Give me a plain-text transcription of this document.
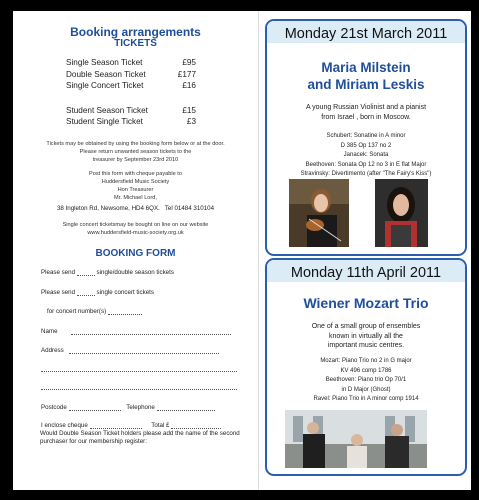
Booking arrangements
TICKETS
Single Season Ticket	£95
Double Season Ticket	£177
Single Concert Ticket	£16
Student Season Ticket	£15
Student Single Ticket	£3
Tickets may be obtained by using the booking form below or at the door.
Please return unwanted season tickets to the
treasurer by September 23rd 2010
Post this form with cheque payable to
Huddersfield Music Society
Hon Treasurer
Mr. Michael Lord,
38 Ingleton Rd, Newsome, HD4 6QX. Tel 01484 310104
Single concert ticketsmay be bought on line on our website
www.huddersfield-music-society.org.uk
BOOKING FORM
Please send	single/double season tickets
Please send	single concert tickets
for concert number(s)
Name
Address
Postcode	Telephone
I enclose cheque	Total £
Would Double Season Ticket holders please add the name of the second purchaser for our membership register:
Monday 21st March 2011
Maria Milstein
and Miriam Leskis
A young Russian Violinist and a pianist
from Israel , born in Moscow.
Schubert: Sonatine in A minor
D 385 Op 137 no 2
Janacek: Sonata
Beethoven: Sonata Op 12 no 3 in E flat Major
Stravinsky: Divertimento (after "The Fairy's Kiss")
Monday 11th April 2011
Wiener Mozart Trio
One of a small group of ensembles
known in virtually all the
important music centres.
Mozart: Piano Trio no 2 in G major
KV 496 comp 1786
Beethoven: Piano trio Op 70/1
in D Major (Ghost)
Ravel: Piano Trio in A minor comp 1914
